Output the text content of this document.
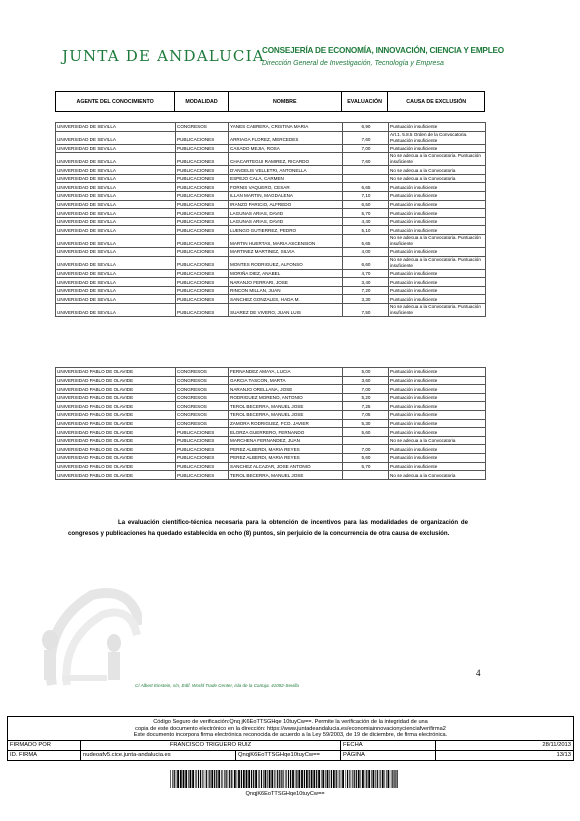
JUNTA DE ANDALUCIA
CONSEJERÍA DE ECONOMÍA, INNOVACIÓN, CIENCIA Y EMPLEO
Dirección General de Investigación, Tecnología y Empresa
AGENTE DEL CONOCIMIENTO	MODALIDAD	NOMBRE	EVALUACIÓN	CAUSA DE EXCLUSIÓN
UNIVERSIDAD DE SEVILLA	CONGRESOS	YANES CABRERA, CRISTINA MARIA	6,90	Puntuación insuficiente
UNIVERSIDAD DE SEVILLA	PUBLICACIONES	ARRIAGA FLOREZ, MERCEDES	7,60	Art.1. 5.8.5 Orden de la Convocatoria. Puntuación insuficiente
UNIVERSIDAD DE SEVILLA	PUBLICACIONES	CASADO MEJIA, ROSA	7,00	Puntuación insuficiente
UNIVERSIDAD DE SEVILLA	PUBLICACIONES	CHACARTEGUI RAMIREZ, RICARDO	7,60	No se adecua a la Convocatoria. Puntuación insuficiente
UNIVERSIDAD DE SEVILLA	PUBLICACIONES	D'ANGELIS VELLETRI, ANTONELLA		No se adecua a la Convocatoria
UNIVERSIDAD DE SEVILLA	PUBLICACIONES	ESPEJO CALA, CARMEN		No se adecua a la Convocatoria
UNIVERSIDAD DE SEVILLA	PUBLICACIONES	FORNIS VAQUERO, CESAR	6,65	Puntuación insuficiente
UNIVERSIDAD DE SEVILLA	PUBLICACIONES	ILLAN MARTIN, MAGDALENA	7,10	Puntuación insuficiente
UNIVERSIDAD DE SEVILLA	PUBLICACIONES	IRANZO PARICIO, ALFREDO	6,50	Puntuación insuficiente
UNIVERSIDAD DE SEVILLA	PUBLICACIONES	LAGUNAS ARIAS, DAVID	5,70	Puntuación insuficiente
UNIVERSIDAD DE SEVILLA	PUBLICACIONES	LAGUNAS ARIAS, DAVID	4,40	Puntuación insuficiente
UNIVERSIDAD DE SEVILLA	PUBLICACIONES	LUENGO GUTIERREZ, PEDRO	5,10	Puntuación insuficiente
UNIVERSIDAD DE SEVILLA	PUBLICACIONES	MARTIN HUERTAS, MARIA ASCENSION	5,65	No se adecua a la Convocatoria. Puntuación insuficiente
UNIVERSIDAD DE SEVILLA	PUBLICACIONES	MARTINEZ MARTINEZ, SILVIA	4,00	Puntuación insuficiente
UNIVERSIDAD DE SEVILLA	PUBLICACIONES	MONTES RODRIGUEZ, ALFONSO	6,60	No se adecua a la Convocatoria. Puntuación insuficiente
UNIVERSIDAD DE SEVILLA	PUBLICACIONES	MORIÑA DIEZ, ANABEL	4,70	Puntuación insuficiente
UNIVERSIDAD DE SEVILLA	PUBLICACIONES	NARANJO FERRARI, JOSE	3,40	Puntuación insuficiente
UNIVERSIDAD DE SEVILLA	PUBLICACIONES	RINCON MILLAN, JUAN	7,20	Puntuación insuficiente
UNIVERSIDAD DE SEVILLA	PUBLICACIONES	SANCHEZ GONZALES, HADA M.	3,30	Puntuación insuficiente
UNIVERSIDAD DE SEVILLA	PUBLICACIONES	SUAREZ DE VIVERO, JUAN LUIS	7,50	No se adecua a la Convocatoria. Puntuación insuficiente
UNIVERSIDAD PABLO DE OLAVIDE	CONGRESOS	FERNANDEZ AMAYA, LUCIA	5,00	Puntuación insuficiente
UNIVERSIDAD PABLO DE OLAVIDE	CONGRESOS	GARCIA TASCON, MARTA	3,60	Puntuación insuficiente
UNIVERSIDAD PABLO DE OLAVIDE	CONGRESOS	NARANJO ORELLANA, JOSE	7,00	Puntuación insuficiente
UNIVERSIDAD PABLO DE OLAVIDE	CONGRESOS	RODRIGUEZ MORENO, ANTONIO	5,20	Puntuación insuficiente
UNIVERSIDAD PABLO DE OLAVIDE	CONGRESOS	TEROL BECERRA, MANUEL JOSE	7,25	Puntuación insuficiente
UNIVERSIDAD PABLO DE OLAVIDE	CONGRESOS	TEROL BECERRA, MANUEL JOSE	7,05	Puntuación insuficiente
UNIVERSIDAD PABLO DE OLAVIDE	CONGRESOS	ZAMORA RODRIGUEZ, FCO. JAVIER	5,30	Puntuación insuficiente
UNIVERSIDAD PABLO DE OLAVIDE	PUBLICACIONES	ELORZA GUERRERO, FERNANDO	5,60	Puntuación insuficiente
UNIVERSIDAD PABLO DE OLAVIDE	PUBLICACIONES	MARCHENA FERNANDEZ, JUAN		No se adecua a la Convocatoria
UNIVERSIDAD PABLO DE OLAVIDE	PUBLICACIONES	PEREZ ALBERDI, MARIA REYES	7,00	Puntuación insuficiente
UNIVERSIDAD PABLO DE OLAVIDE	PUBLICACIONES	PEREZ ALBERDI, MARIA REYES	5,60	Puntuación insuficiente
UNIVERSIDAD PABLO DE OLAVIDE	PUBLICACIONES	SANCHEZ ALCAZAR, JOSE ANTONIO	5,70	Puntuación insuficiente
UNIVERSIDAD PABLO DE OLAVIDE	PUBLICACIONES	TEROL BECERRA, MANUEL JOSE		No se adecua a la Convocatoria
La evaluación científico-técnica necesaria para la obtención de incentivos para las modalidades de organización de congresos y publicaciones ha quedado establecida en ocho (8) puntos, sin perjuicio de la concurrencia de otra causa de exclusión.
4
C/ Albert Einstein, s/n, Edif. World Trade Center, isla de la Cartuja. 41092-Sevilla
Código Seguro de verificación:Qnq jK6EoTTSGHqe 10tuyCw==. Permite la verificación de la integridad de una
copia de este documento electrónico en la dirección: https://www.juntadeandalucia.es/economiainnovacionycienciafverifirma2
Este documento incorpora firma electrónica reconocida de acuerdo a la Ley 59/2003, de 19 de diciembre, de firma electrónica.
FIRMADO POR	FRANCISCO TRIGUERO RUIZ		FECHA	28/11/2013
ID. FIRMA	nudeoafv5.cice.junta-andalucia.es	QnqjK6EoTTSGHqe10tuyCw==	PÁGINA	13/13
QnqjK6EoTTSGHqe10tuyCw==
